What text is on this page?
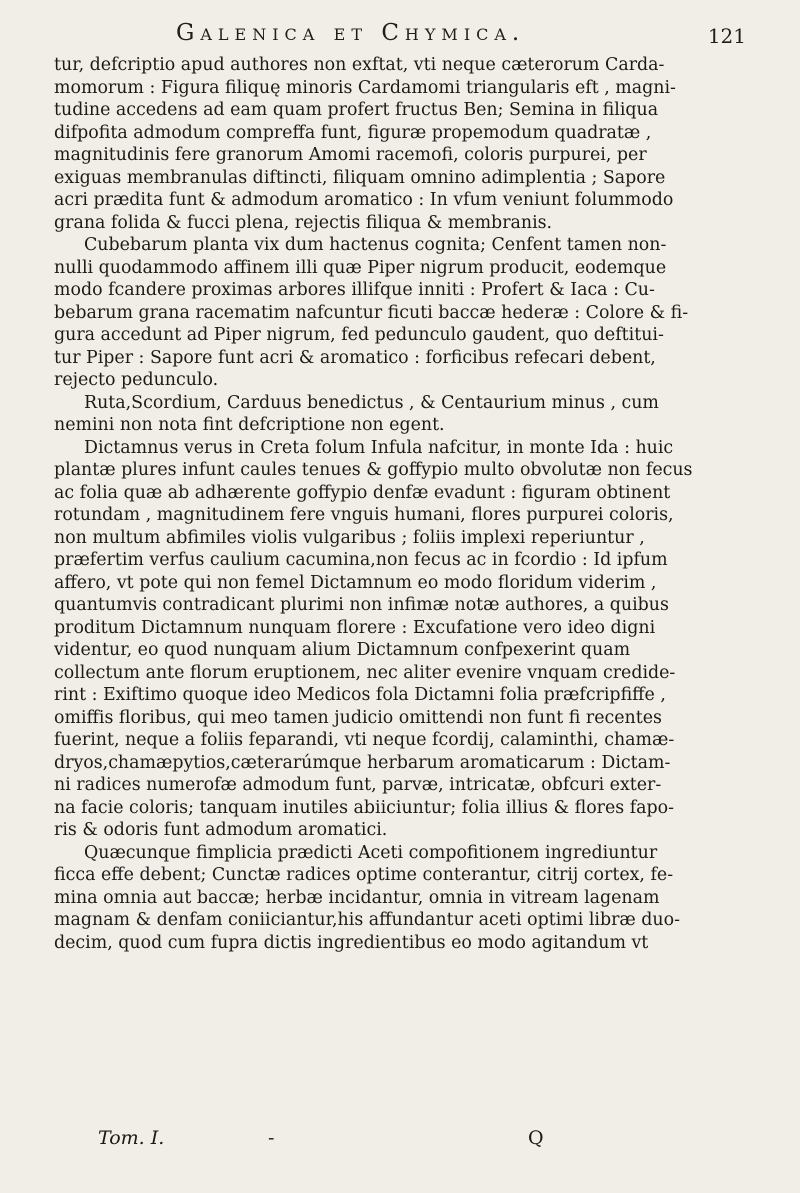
Galenica et Chymica.	121
tur, defcriptio apud authores non exftat, vti neque cæterorum Carda-
momorum : Figura filiquę minoris Cardamomi triangularis eft , magni-
tudine accedens ad eam quam profert fructus Ben; Semina in filiqua
difpofita admodum compreffa funt, figuræ propemodum quadratæ ,
magnitudinis fere granorum Amomi racemofi, coloris purpurei, per
exiguas membranulas diftincti, filiquam omnino adimplentia ; Sapore
acri prædita funt & admodum aromatico : In vfum veniunt folummodo
grana folida & fucci plena, rejectis filiqua & membranis.
Cubebarum planta vix dum hactenus cognita; Cenfent tamen non-
nulli quodammodo affinem illi quæ Piper nigrum producit, eodemque
modo fcandere proximas arbores illifque inniti : Profert & Iaca : Cu-
bebarum grana racematim nafcuntur ficuti baccæ hederæ : Colore & fi-
gura accedunt ad Piper nigrum, fed pedunculo gaudent, quo deftitui-
tur Piper : Sapore funt acri & aromatico : forficibus refecari debent,
rejecto pedunculo.
Ruta,Scordium, Carduus benedictus , & Centaurium minus , cum
nemini non nota fint defcriptione non egent.
Dictamnus verus in Creta folum Infula nafcitur, in monte Ida : huic
plantæ plures infunt caules tenues & goffypio multo obvolutæ non fecus
ac folia quæ ab adhærente goffypio denfæ evadunt : figuram obtinent
rotundam , magnitudinem fere vnguis humani, flores purpurei coloris,
non multum abfimiles violis vulgaribus ; foliis implexi reperiuntur ,
præfertim verfus caulium cacumina,non fecus ac in fcordio : Id ipfum
affero, vt pote qui non femel Dictamnum eo modo floridum viderim ,
quantumvis contradicant plurimi non infimæ notæ authores, a quibus
proditum Dictamnum nunquam florere : Excufatione vero ideo digni
videntur, eo quod nunquam alium Dictamnum confpexerint quam
collectum ante florum eruptionem, nec aliter evenire vnquam credide-
rint : Exiftimo quoque ideo Medicos fola Dictamni folia præfcripfiffe ,
omiffis floribus, qui meo tamen judicio omittendi non funt fi recentes
fuerint, neque a foliis feparandi, vti neque fcordij, calaminthi, chamæ-
dryos,chamæpytios,cæterarúmque herbarum aromaticarum : Dictam-
ni radices numerofæ admodum funt, parvæ, intricatæ, obfcuri exter-
na facie coloris; tanquam inutiles abiiciuntur; folia illius & flores fapo-
ris & odoris funt admodum aromatici.
Quæcunque fimplicia prædicti Aceti compofitionem ingrediuntur
ficca effe debent; Cunctæ radices optime conterantur, citrij cortex, fe-
mina omnia aut baccæ; herbæ incidantur, omnia in vitream lagenam
magnam & denfam coniiciantur,his affundantur aceti optimi libræ duo-
decim, quod cum fupra dictis ingredientibus eo modo agitandum vt
Tom. I.	-	Q
